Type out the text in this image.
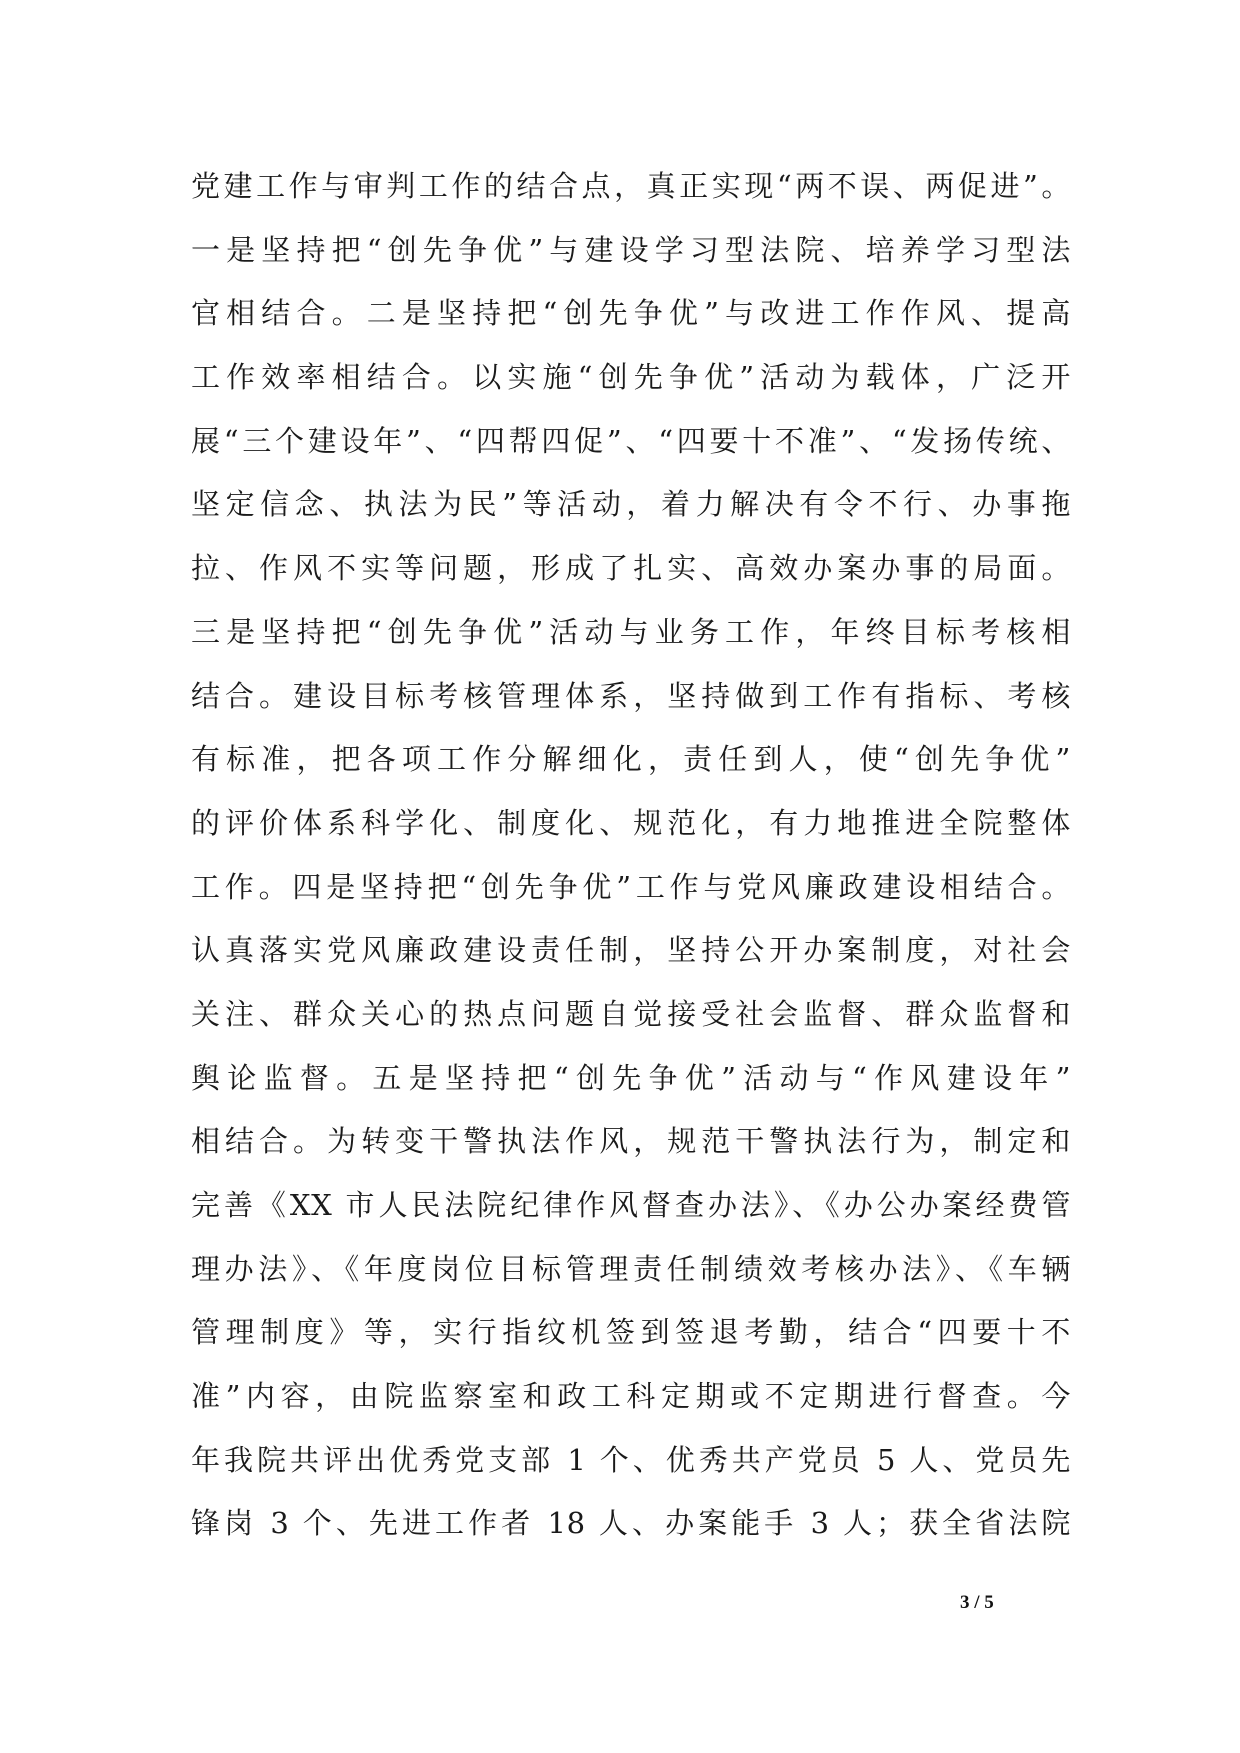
党建工作与审判工作的结合点，真正实现“两不误、两促进”。
一是坚持把“创先争优”与建设学习型法院、培养学习型法
官相结合。二是坚持把“创先争优”与改进工作作风、提高
工作效率相结合。以实施“创先争优”活动为载体，广泛开
展“三个建设年”、“四帮四促”、“四要十不准”、“发扬传统、
坚定信念、执法为民”等活动，着力解决有令不行、办事拖
拉、作风不实等问题，形成了扎实、高效办案办事的局面。
三是坚持把“创先争优”活动与业务工作，年终目标考核相
结合。建设目标考核管理体系，坚持做到工作有指标、考核
有标准，把各项工作分解细化，责任到人，使“创先争优”
的评价体系科学化、制度化、规范化，有力地推进全院整体
工作。四是坚持把“创先争优”工作与党风廉政建设相结合。
认真落实党风廉政建设责任制，坚持公开办案制度，对社会
关注、群众关心的热点问题自觉接受社会监督、群众监督和
舆论监督。五是坚持把“创先争优”活动与“作风建设年”
相结合。为转变干警执法作风，规范干警执法行为，制定和
完善《XX 市人民法院纪律作风督查办法》、《办公办案经费管
理办法》、《年度岗位目标管理责任制绩效考核办法》、《车辆
管理制度》等，实行指纹机签到签退考勤，结合“四要十不
准”内容，由院监察室和政工科定期或不定期进行督查。今
年我院共评出优秀党支部 1 个、优秀共产党员 5 人、党员先
锋岗 3 个、先进工作者 18 人、办案能手 3 人；获全省法院
3 / 5
